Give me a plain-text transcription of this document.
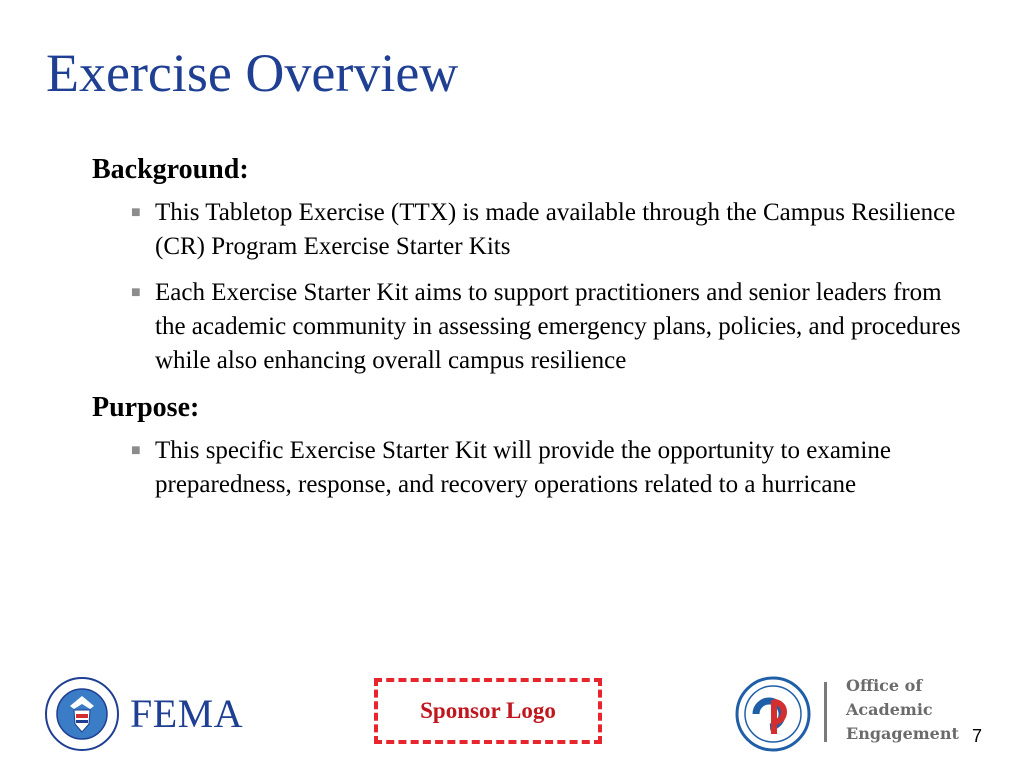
Exercise Overview

Background:

■ This Tabletop Exercise (TTX) is made available through the Campus Resilience (CR) Program Exercise Starter Kits
■ Each Exercise Starter Kit aims to support practitioners and senior leaders from the academic community in assessing emergency plans, policies, and procedures while also enhancing overall campus resilience

Purpose:

■ This specific Exercise Starter Kit will provide the opportunity to examine preparedness, response, and recovery operations related to a hurricane
FEMA	Sponsor Logo
Office of
Academic
Engagement 7
